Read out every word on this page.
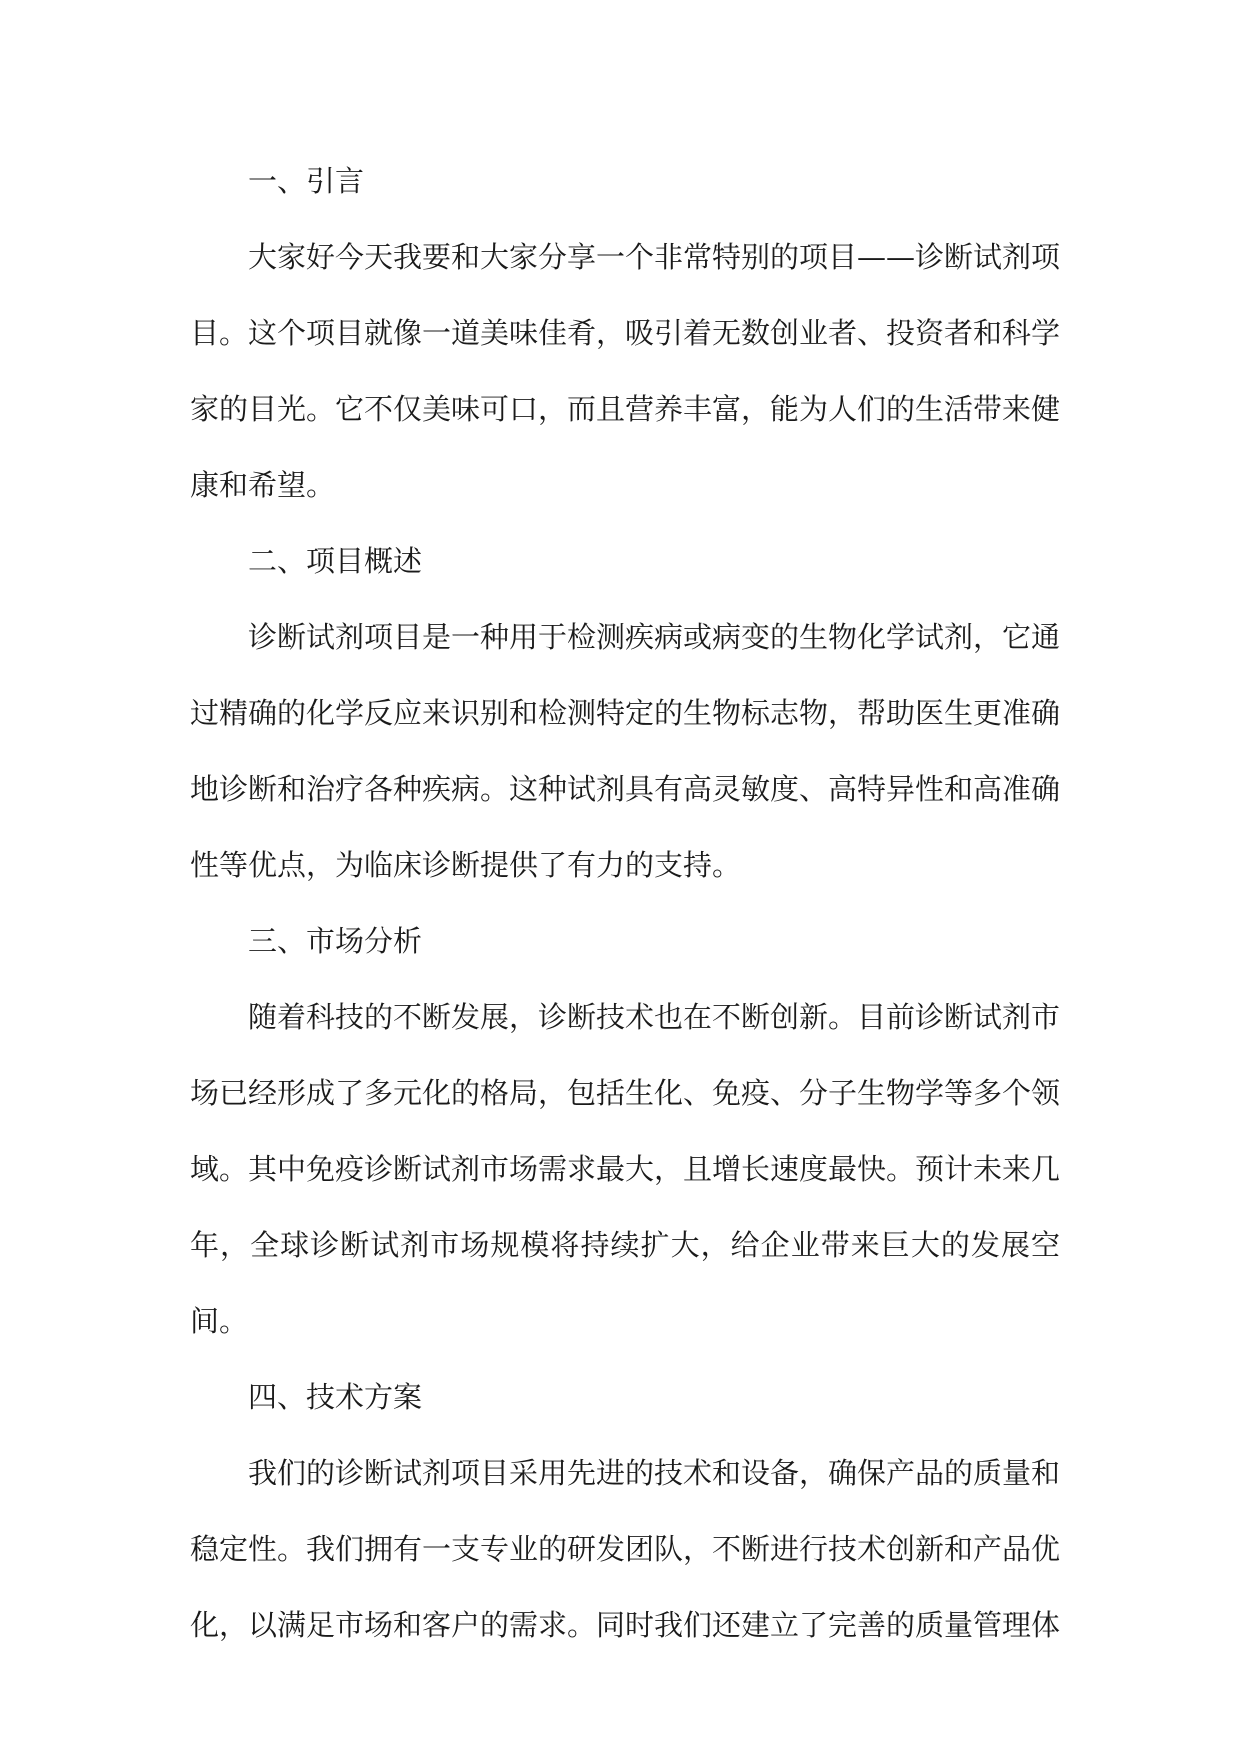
一、引言

大家好今天我要和大家分享一个非常特别的项目——诊断试剂项目。这个项目就像一道美味佳肴，吸引着无数创业者、投资者和科学家的目光。它不仅美味可口，而且营养丰富，能为人们的生活带来健康和希望。

二、项目概述

诊断试剂项目是一种用于检测疾病或病变的生物化学试剂，它通过精确的化学反应来识别和检测特定的生物标志物，帮助医生更准确地诊断和治疗各种疾病。这种试剂具有高灵敏度、高特异性和高准确性等优点，为临床诊断提供了有力的支持。

三、市场分析

随着科技的不断发展，诊断技术也在不断创新。目前诊断试剂市场已经形成了多元化的格局，包括生化、免疫、分子生物学等多个领域。其中免疫诊断试剂市场需求最大，且增长速度最快。预计未来几年，全球诊断试剂市场规模将持续扩大，给企业带来巨大的发展空间。

四、技术方案

我们的诊断试剂项目采用先进的技术和设备，确保产品的质量和稳定性。我们拥有一支专业的研发团队，不断进行技术创新和产品优化，以满足市场和客户的需求。同时我们还建立了完善的质量管理体
